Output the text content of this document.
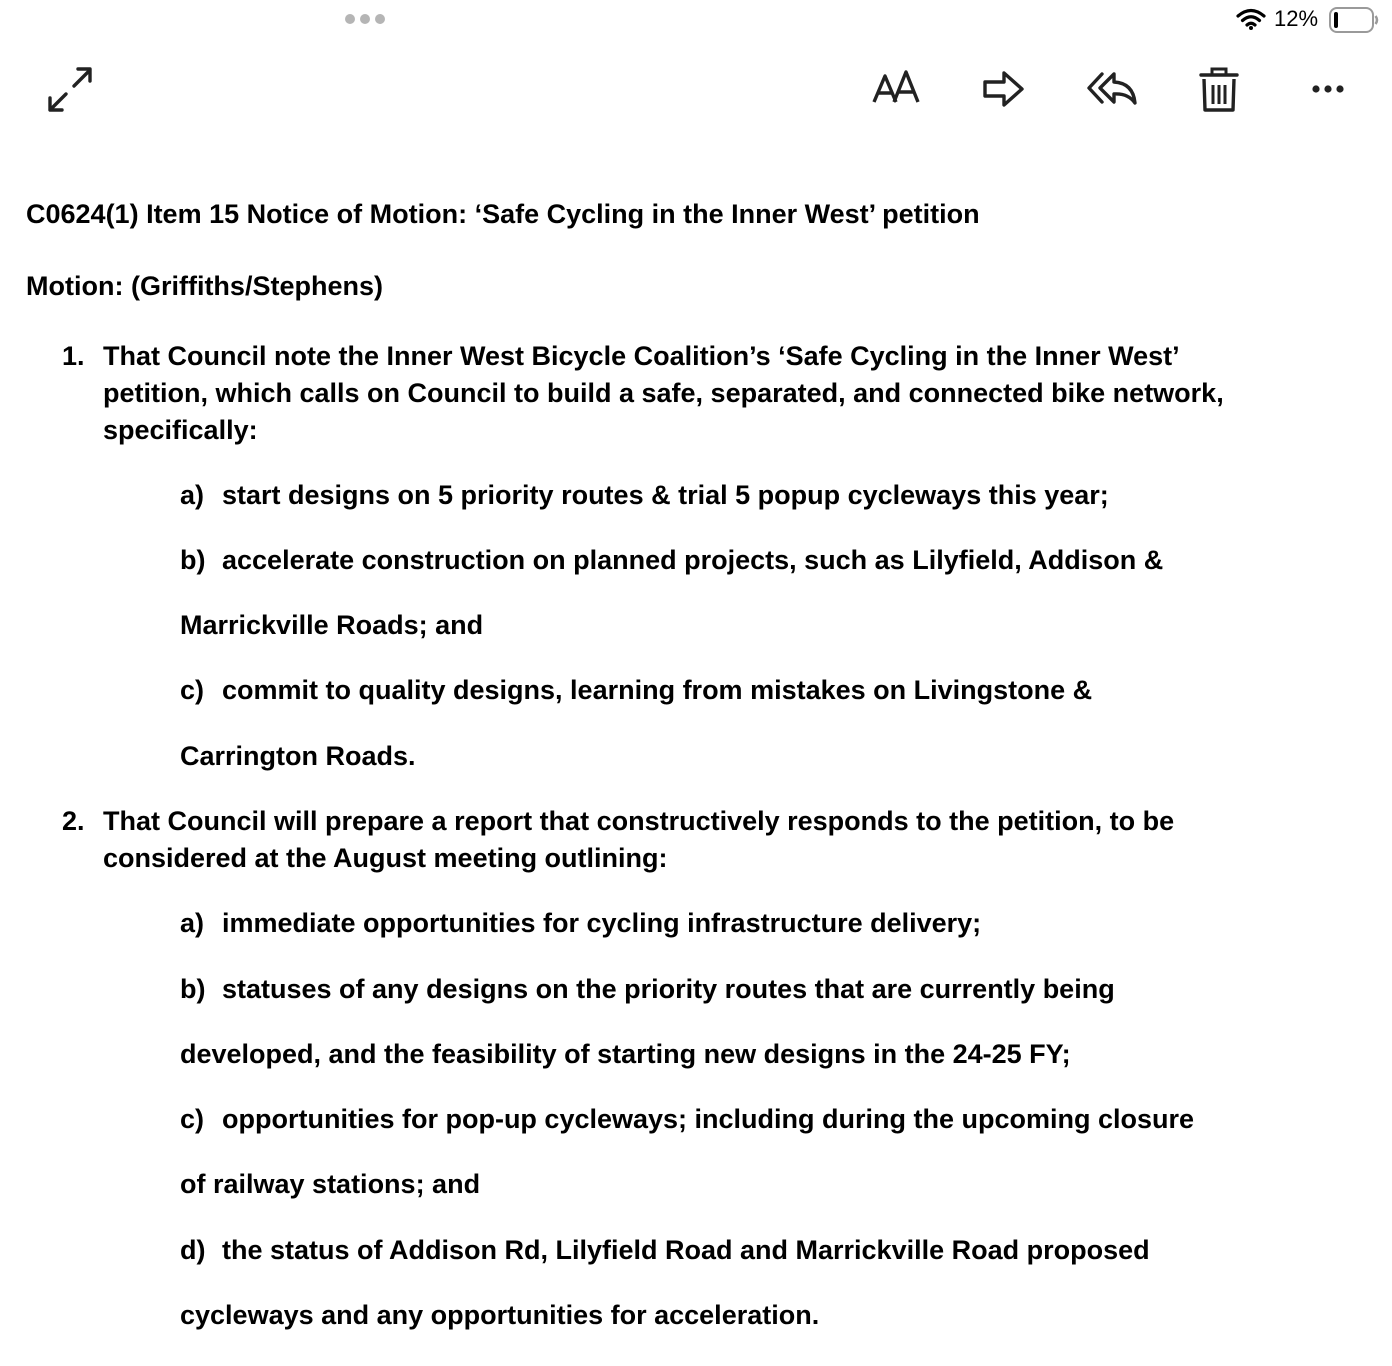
12%
C0624(1) Item 15 Notice of Motion: ‘Safe Cycling in the Inner West’ petition
Motion: (Griffiths/Stephens)
1. That Council note the Inner West Bicycle Coalition’s ‘Safe Cycling in the Inner West’
petition, which calls on Council to build a safe, separated, and connected bike network,
specifically:
a) start designs on 5 priority routes & trial 5 popup cycleways this year;
b) accelerate construction on planned projects, such as Lilyfield, Addison &
Marrickville Roads; and
c) commit to quality designs, learning from mistakes on Livingstone &
Carrington Roads.
2. That Council will prepare a report that constructively responds to the petition, to be
considered at the August meeting outlining:
a) immediate opportunities for cycling infrastructure delivery;
b) statuses of any designs on the priority routes that are currently being
developed, and the feasibility of starting new designs in the 24-25 FY;
c) opportunities for pop-up cycleways; including during the upcoming closure
of railway stations; and
d) the status of Addison Rd, Lilyfield Road and Marrickville Road proposed
cycleways and any opportunities for acceleration.
